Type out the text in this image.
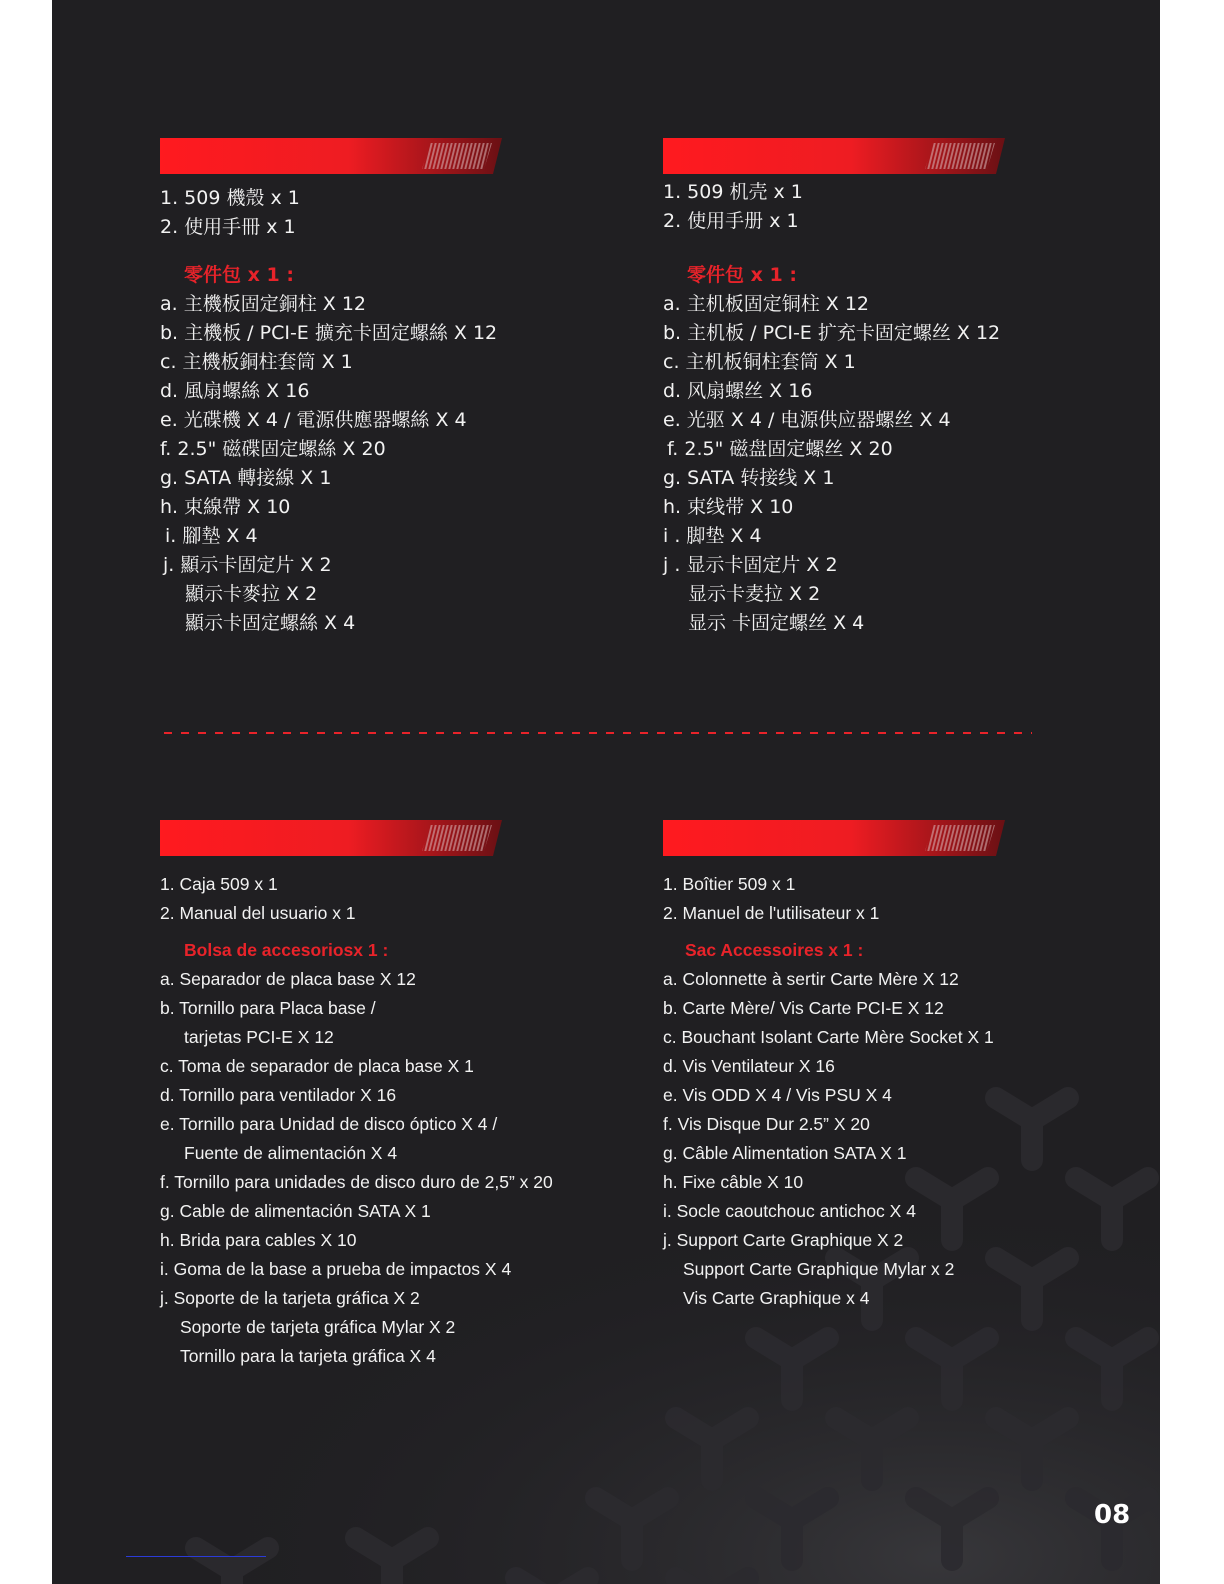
1. 509 機殼 x 1
2. 使用手冊 x 1
零件包 x 1 :
a. 主機板固定銅柱 X 12
b. 主機板 / PCI-E 擴充卡固定螺絲 X 12
c. 主機板銅柱套筒 X 1
d. 風扇螺絲 X 16
e. 光碟機 X 4 / 電源供應器螺絲 X 4
f. 2.5" 磁碟固定螺絲 X 20
g. SATA 轉接線 X 1
h. 束線帶 X 10
i. 腳墊 X 4
j. 顯示卡固定片 X 2
顯示卡麥拉 X 2
顯示卡固定螺絲 X 4
1. 509 机壳 x 1
2. 使用手册 x 1
零件包 x 1 :
a. 主机板固定铜柱 X 12
b. 主机板 / PCI-E 扩充卡固定螺丝 X 12
c. 主机板铜柱套筒 X 1
d. 风扇螺丝 X 16
e. 光驱 X 4 / 电源供应器螺丝 X 4
f. 2.5" 磁盘固定螺丝 X 20
g. SATA 转接线 X 1
h. 束线带 X 10
i . 脚垫 X 4
j . 显示卡固定片 X 2
显示卡麦拉 X 2
显示 卡固定螺丝 X 4
1. Caja 509 x 1
2. Manual del usuario x 1
Bolsa de accesoriosx 1 :
a. Separador de placa base X 12
b. Tornillo para Placa base /
tarjetas PCI-E X 12
c. Toma de separador de placa base X 1
d. Tornillo para ventilador X 16
e. Tornillo para Unidad de disco óptico X 4 /
Fuente de alimentación X 4
f. Tornillo para unidades de disco duro de 2,5” x 20
g. Cable de alimentación SATA X 1
h. Brida para cables X 10
i. Goma de la base a prueba de impactos X 4
j. Soporte de la tarjeta gráfica X 2
Soporte de tarjeta gráfica Mylar X 2
Tornillo para la tarjeta gráfica X 4
1. Boîtier 509 x 1
2. Manuel de l'utilisateur x 1
Sac Accessoires x 1 :
a. Colonnette à sertir Carte Mère X 12
b. Carte Mère/ Vis Carte PCI-E X 12
c. Bouchant Isolant Carte Mère Socket X 1
d. Vis Ventilateur X 16
e. Vis ODD X 4 / Vis PSU X 4
f. Vis Disque Dur 2.5” X 20
g. Câble Alimentation SATA X 1
h. Fixe câble X 10
i. Socle caoutchouc antichoc X 4
j. Support Carte Graphique X 2
Support Carte Graphique Mylar x 2
Vis Carte Graphique x 4
08
